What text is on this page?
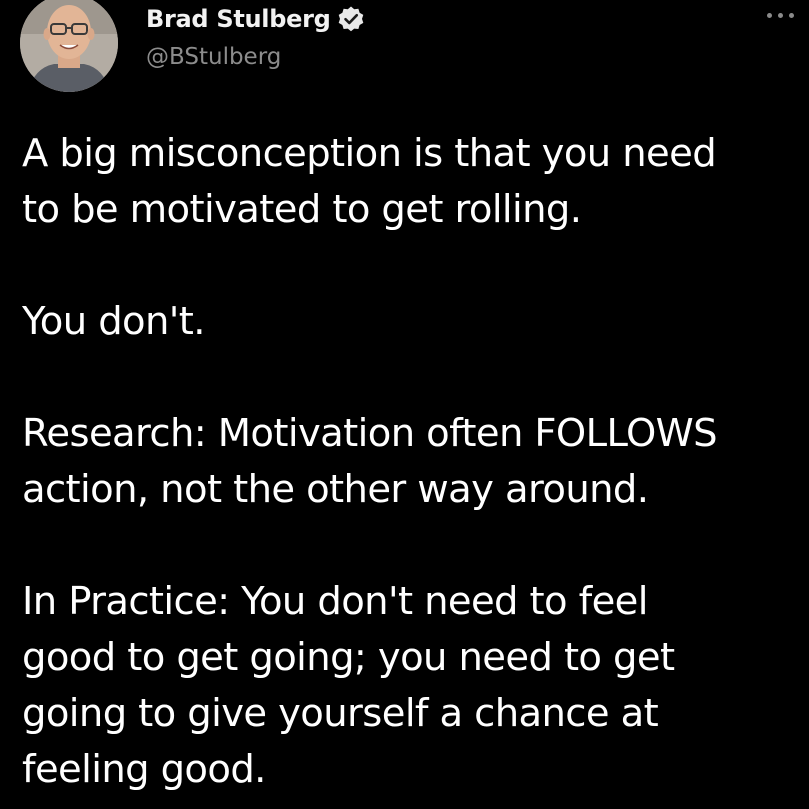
Brad Stulberg
@BStulberg

A big misconception is that you need

to be motivated to get rolling.

You don't.

Research: Motivation often FOLLOWS

action, not the other way around.

In Practice: You don't need to feel

good to get going; you need to get

going to give yourself a chance at

feeling good.
